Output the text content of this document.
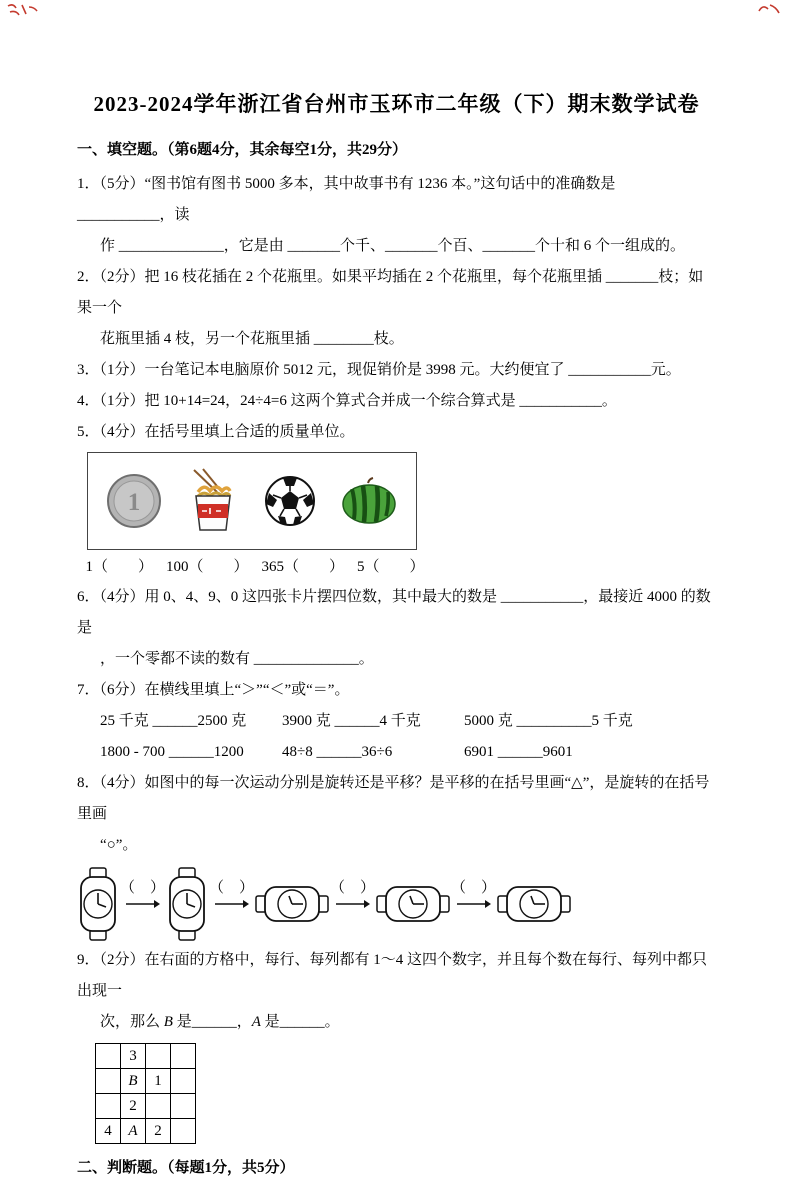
2023-2024学年浙江省台州市玉环市二年级（下）期末数学试卷
一、填空题。（第6题4分，其余每空1分，共29分）

1．（5分）“图书馆有图书 5000 多本，其中故事书有 1236 本。”这句话中的准确数是 ___________，读

作 ______________，它是由 _______个千、_______个百、_______个十和 6 个一组成的。

2．（2分）把 16 枝花插在 2 个花瓶里。如果平均插在 2 个花瓶里，每个花瓶里插 _______枝；如果一个

花瓶里插 4 枝，另一个花瓶里插 ________枝。

3．（1分）一台笔记本电脑原价 5012 元，现促销价是 3998 元。大约便宜了 ___________元。

4．（1分）把 10+14=24，24÷4=6 这两个算式合并成一个综合算式是 ___________。

5．（4分）在括号里填上合适的质量单位。

1
1（　　） 100（　　） 365（　　） 5（　　）

6．（4分）用 0、4、9、0 这四张卡片摆四位数，其中最大的数是 ___________，最接近 4000 的数是

，一个零都不读的数有 ______________。

7．（6分）在横线里填上“＞”“＜”或“＝”。

25 千克 ______2500 克	3900 克 ______4 千克	5000 克 __________5 千克
1800 - 700 ______1200	48÷8 ______36÷6	6901 ______9601

8．（4分）如图中的每一次运动分别是旋转还是平移？是平移的在括号里画“△”，是旋转的在括号里画

“○”。

（　）	（　）	（　）	（　）

9．（2分）在右面的方格中，每行、每列都有 1～4 这四个数字，并且每个数在每行、每列中都只出现一

次，那么 B 是______，A 是______。

	3		
	B	1	
	2		
4	A	2	
二、判断题。（每题1分，共5分）
